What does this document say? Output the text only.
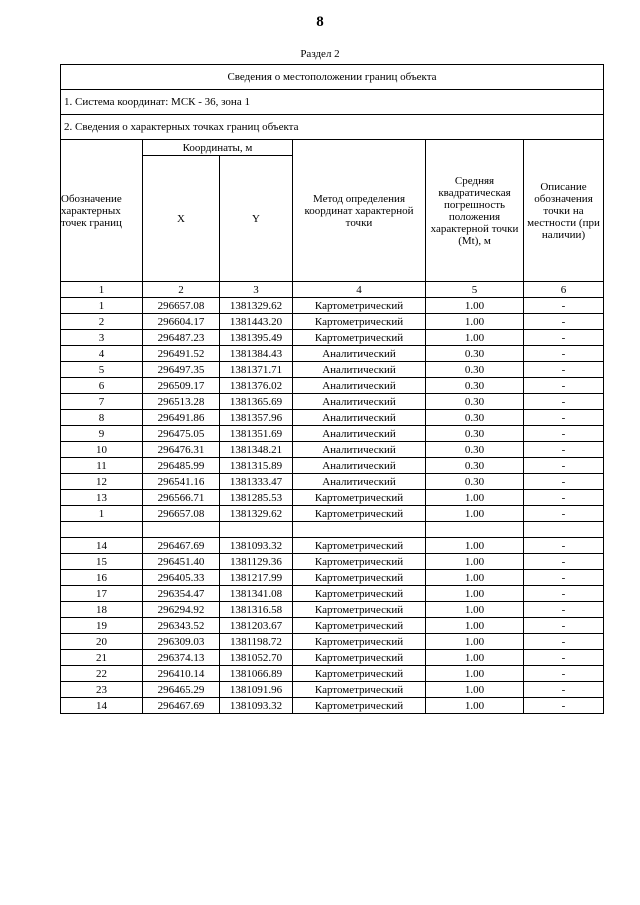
8
Раздел 2
Сведения о местоположении границ объекта					
1. Система координат: МСК - 36, зона 1					
2. Сведения о характерных точках границ объекта					
Обозначение характерных точек границ	Координаты, м		Метод определения координат характерной точки	Средняя квадратическая погрешность положения характерной точки (Mt), м	Описание обозначения точки на местности (при наличии)
	X	Y			
1	2	3	4	5	6
1	296657.08	1381329.62	Картометрический	1.00	-
2	296604.17	1381443.20	Картометрический	1.00	-
3	296487.23	1381395.49	Картометрический	1.00	-
4	296491.52	1381384.43	Аналитический	0.30	-
5	296497.35	1381371.71	Аналитический	0.30	-
6	296509.17	1381376.02	Аналитический	0.30	-
7	296513.28	1381365.69	Аналитический	0.30	-
8	296491.86	1381357.96	Аналитический	0.30	-
9	296475.05	1381351.69	Аналитический	0.30	-
10	296476.31	1381348.21	Аналитический	0.30	-
11	296485.99	1381315.89	Аналитический	0.30	-
12	296541.16	1381333.47	Аналитический	0.30	-
13	296566.71	1381285.53	Картометрический	1.00	-
1	296657.08	1381329.62	Картометрический	1.00	-

14	296467.69	1381093.32	Картометрический	1.00	-
15	296451.40	1381129.36	Картометрический	1.00	-
16	296405.33	1381217.99	Картометрический	1.00	-
17	296354.47	1381341.08	Картометрический	1.00	-
18	296294.92	1381316.58	Картометрический	1.00	-
19	296343.52	1381203.67	Картометрический	1.00	-
20	296309.03	1381198.72	Картометрический	1.00	-
21	296374.13	1381052.70	Картометрический	1.00	-
22	296410.14	1381066.89	Картометрический	1.00	-
23	296465.29	1381091.96	Картометрический	1.00	-
14	296467.69	1381093.32	Картометрический	1.00	-
